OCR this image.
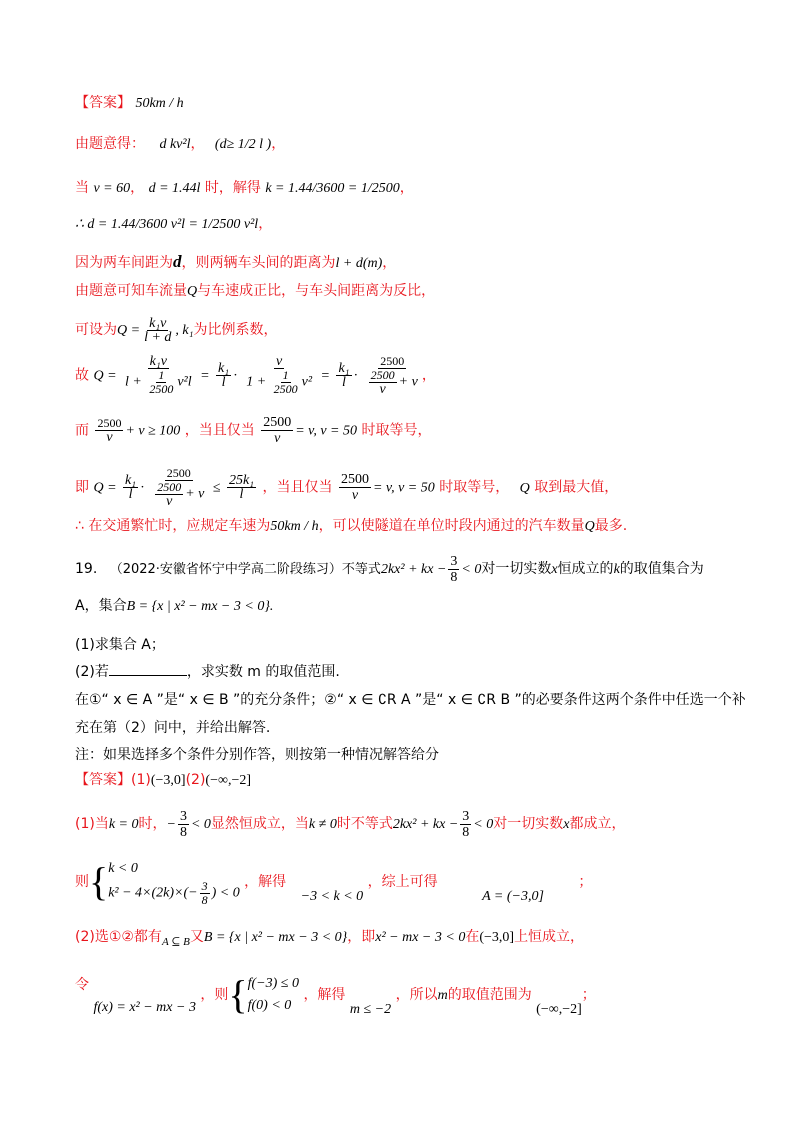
【答案】 50km / h
由题意得： d kv²l， (d≥ 1/2 l )，
当 v = 60， d = 1.44l 时，解得 k = 1.44/3600 = 1/2500，
∴ d = 1.44/3600 v²l = 1/2500 v²l，
因为两车间距为d，则两辆车头间的距离为l + d(m)，
由题意可知车流量Q与车速成正比，与车头间距离为反比，
可设为$Q = \frac{\text{k₁v}}{l + d}$ , k₁为比例系数，
故 $Q = \frac{\text{k₁v}}{l + \frac{1}{2500} v^2l} = \frac{\text{k₁}}{l} \cdot \frac{v}{1 + \frac{1}{2500} v^2} = \frac{\text{k₁}}{l} \cdot \frac{2500}{\frac{2500}{v} + v}$ ，
而 $\frac{2500}{v} + v \ge 100$ ，当且仅当 $\frac{2500}{v} = v$, v = 50 时取等号，
即 $Q = \frac{\text{k₁}}{l} \cdot \frac{2500}{\frac{2500}{v} + v} \le \frac{\text{25k₁}}{l}$ ，当且仅当 $\frac{2500}{v} = v$, v = 50 时取等号， Q 取到最大值，
∴ 在交通繁忙时，应规定车速为50km / h，可以使隧道在单位时段内通过的汽车数量Q最多.
19. （2022·安徽省怀宁中学高二阶段练习）不等式2kx² + kx − $\frac{3}{8} < 0$对一切实数x恒成立的k的取值集合为
A，集合B = {x | x² − mx − 3 < 0}.
(1)求集合 A；
(2)若	，求实数 m 的取值范围.
在①“ x ∈ A ”是“ x ∈ B ”的充分条件；②“ x ∈ ∁R A ”是“ x ∈ ∁R B ”的必要条件这两个条件中任选一个补
充在第（2）问中，并给出解答.
注：如果选择多个条件分别作答，则按第一种情况解答给分
【答案】(1)(−3,0](2)(−∞,−2]
(1)当k = 0时，− $\frac{3}{8} < 0$显然恒成立，当k ≠ 0时不等式2kx² + kx − $\frac{3}{8} < 0$对一切实数x都成立，
则{ k < 0
$k^2 - 4\times(2k)\times(- \frac{3}{8}$ ) < 0
，解得 −3 < k < 0 ，综上可得 A = (−3,0] ；
(2)选①②都有$_{A ⊆ B}$又B = {x | x² − mx − 3 < 0}，即x² − mx − 3 < 0在(−3,0]上恒成立，
令 f(x) = x² − mx − 3 ，则{ f(−3) ≤ 0
f(0) < 0
，解得 m ≤ −2 ，所以m的取值范围为 (−∞,−2]；
